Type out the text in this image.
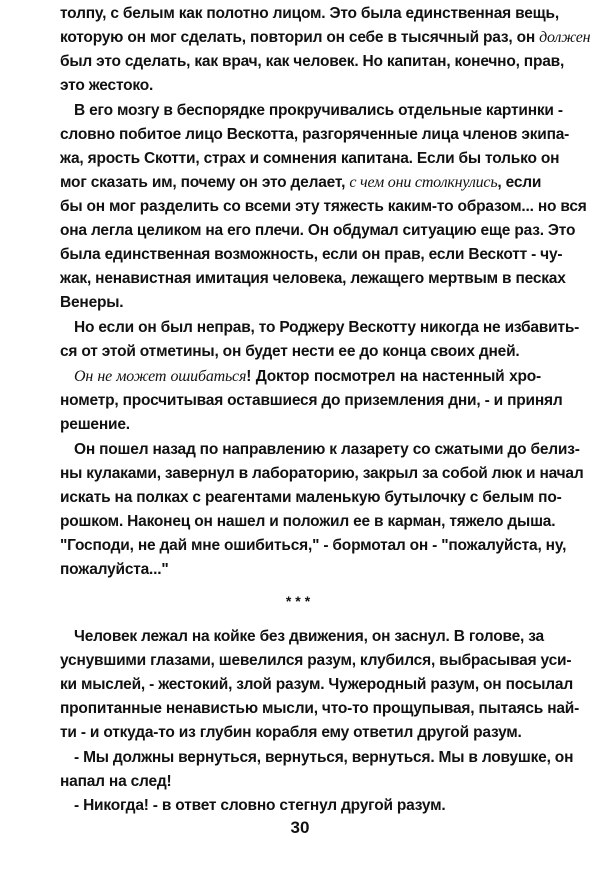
***
30
толпу, с белым как полотно лицом. Это была единственная вещь,
которую он мог сделать, повторил он себе в тысячный раз, он должен
был это сделать, как врач, как человек. Но капитан, конечно, прав,
это жестоко.
В его мозгу в беспорядке прокручивались отдельные картинки -
словно побитое лицо Вескотта, разгоряченные лица членов экипа-
жа, ярость Скотти, страх и сомнения капитана. Если бы только он
мог сказать им, почему он это делает, с чем они столкнулись, если
бы он мог разделить со всеми эту тяжесть каким-то образом... но вся
она легла целиком на его плечи. Он обдумал ситуацию еще раз. Это
была единственная возможность, если он прав, если Вескотт - чу-
жак, ненавистная имитация человека, лежащего мертвым в песках
Венеры.
Но если он был неправ, то Роджеру Вескотту никогда не избавить-
ся от этой отметины, он будет нести ее до конца своих дней.
Он не может ошибаться! Доктор посмотрел на настенный хро-
нометр, просчитывая оставшиеся до приземления дни, - и принял
решение.
Он пошел назад по направлению к лазарету со сжатыми до белиз-
ны кулаками, завернул в лабораторию, закрыл за собой люк и начал
искать на полках с реагентами маленькую бутылочку с белым по-
рошком. Наконец он нашел и положил ее в карман, тяжело дыша.
"Господи, не дай мне ошибиться," - бормотал он - "пожалуйста, ну,
пожалуйста..."
Человек лежал на койке без движения, он заснул. В голове, за
уснувшими глазами, шевелился разум, клубился, выбрасывая уси-
ки мыслей, - жестокий, злой разум. Чужеродный разум, он посылал
пропитанные ненавистью мысли, что-то прощупывая, пытаясь най-
ти - и откуда-то из глубин корабля ему ответил другой разум.
- Мы должны вернуться, вернуться, вернуться. Мы в ловушке, он
напал на след!
- Никогда! - в ответ словно стегнул другой разум.
